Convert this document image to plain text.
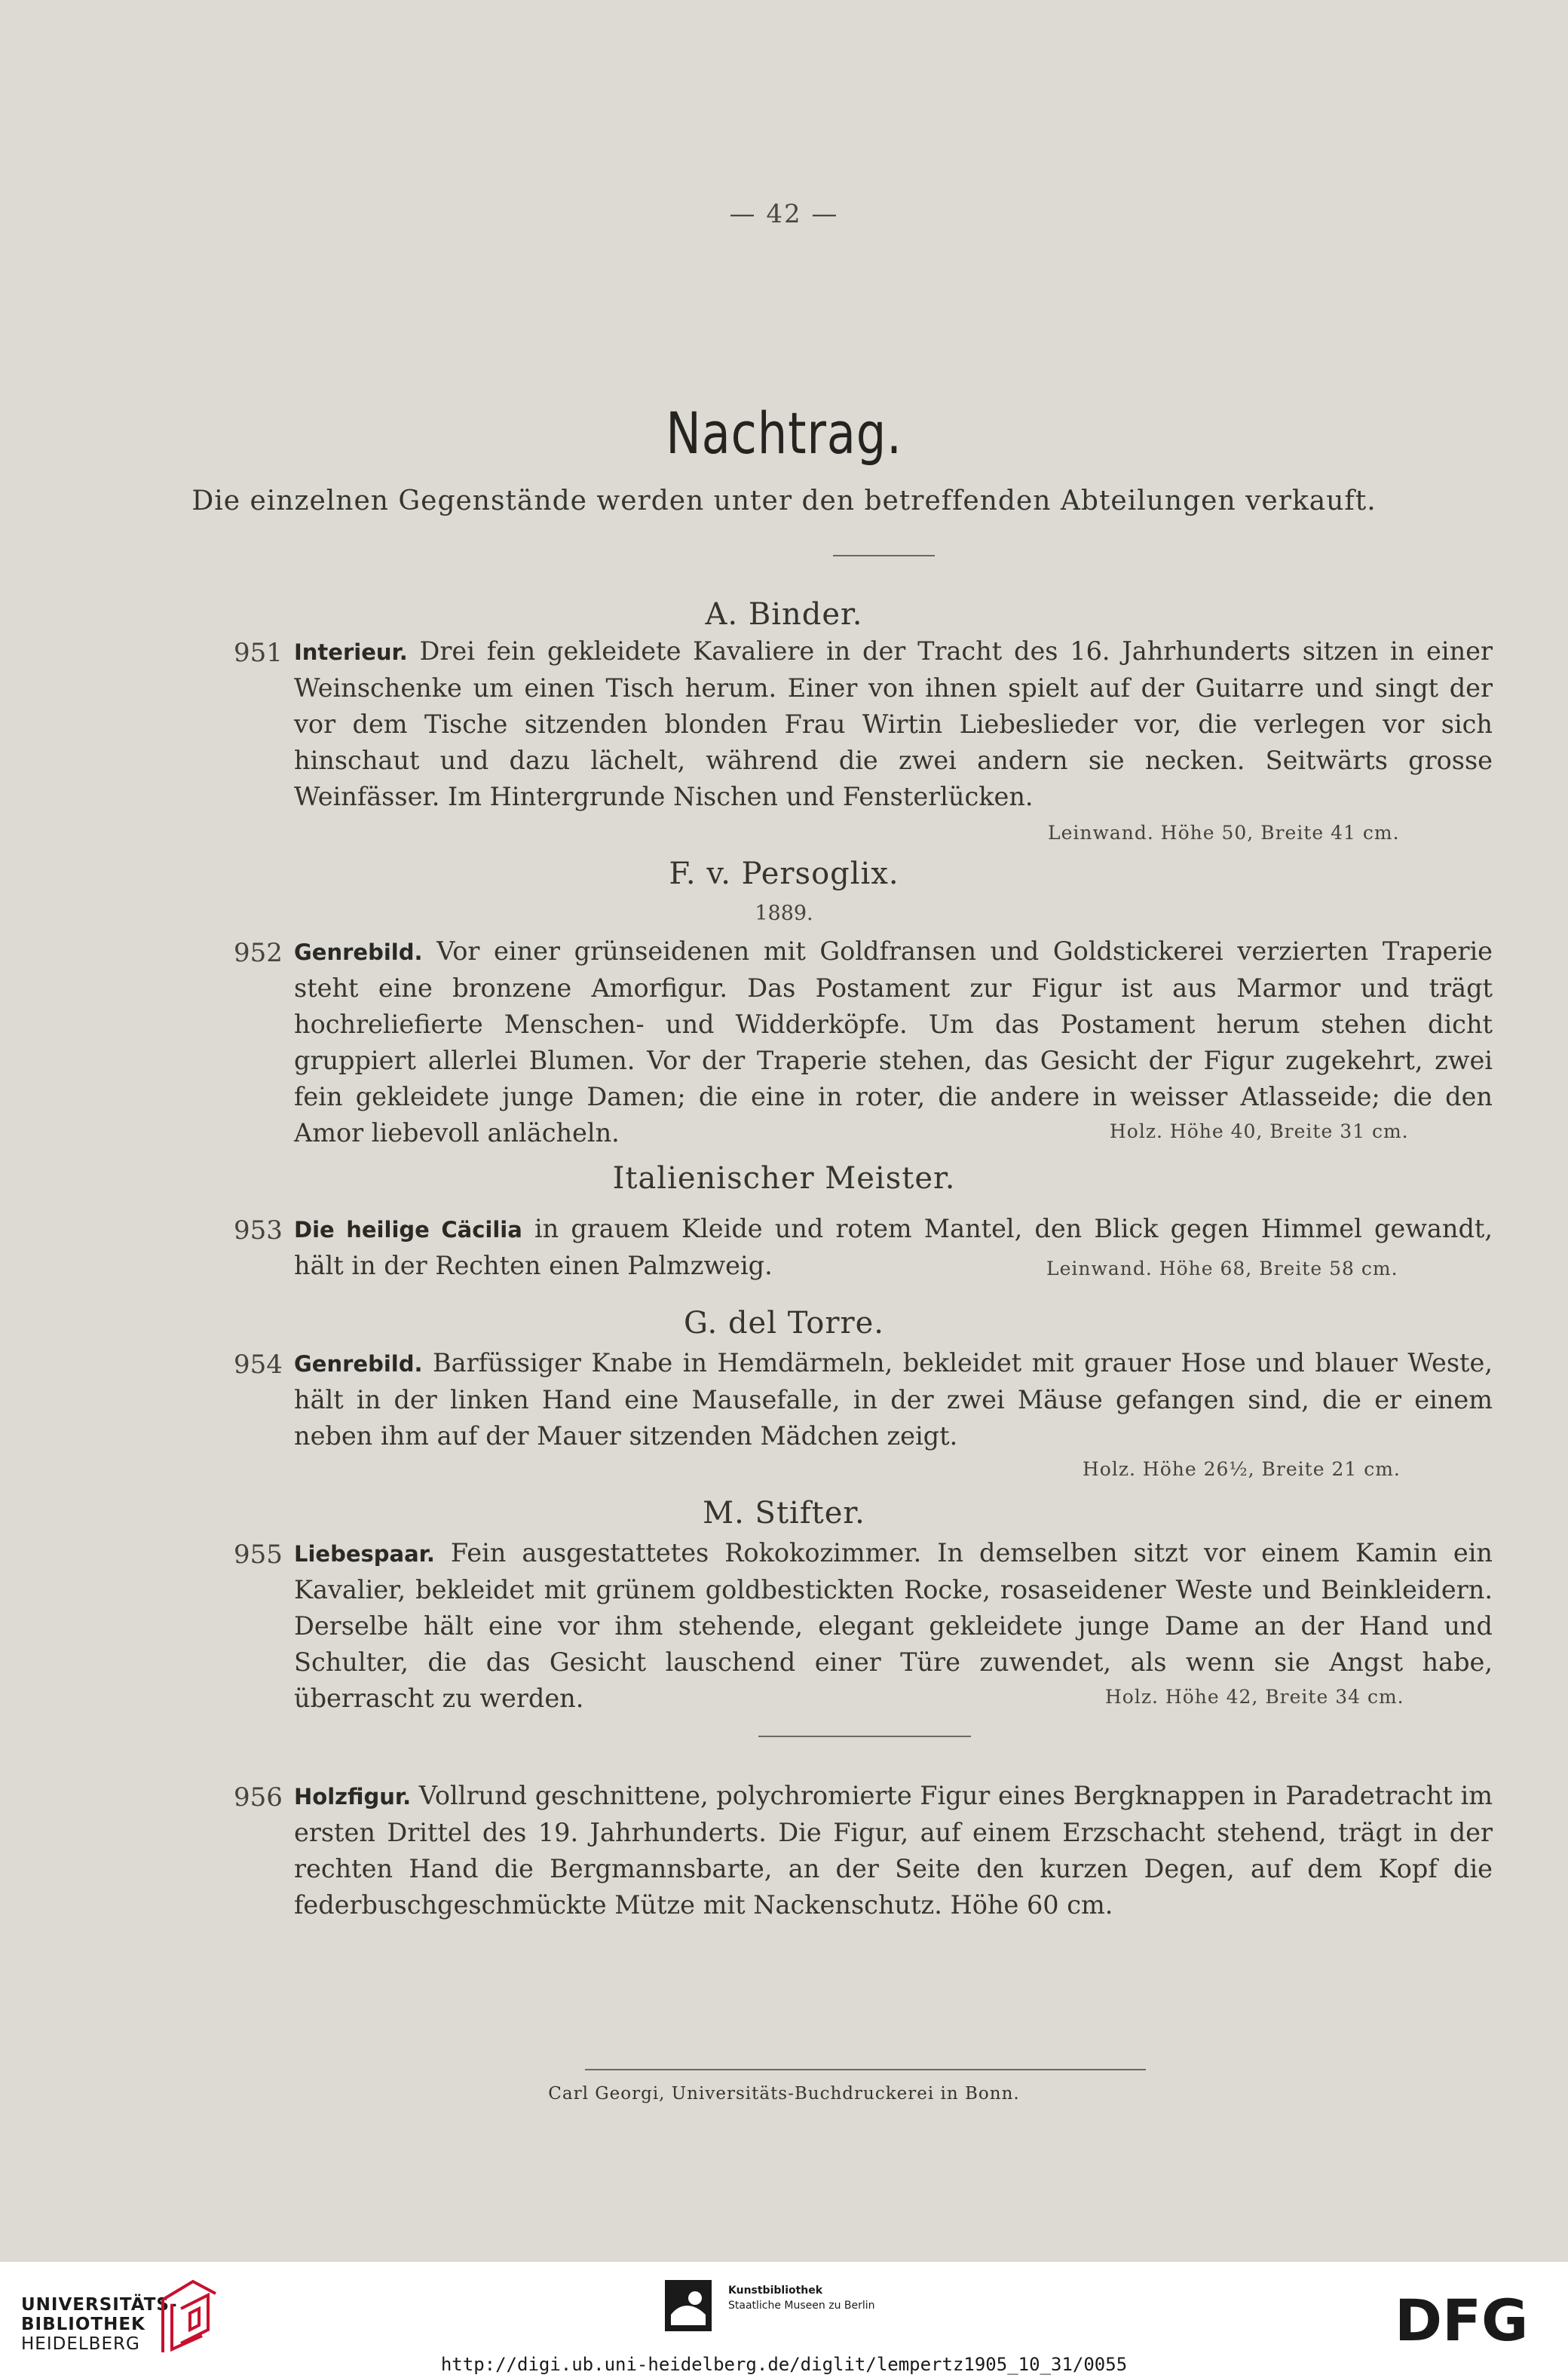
— 42 —
Nachtrag.
Die einzelnen Gegenstände werden unter den betreffenden Abteilungen verkauft.
A. Binder.
951 Interieur. Drei fein gekleidete Kavaliere in der Tracht des 16. Jahrhunderts sitzen in einer Weinschenke um einen Tisch herum. Einer von ihnen spielt auf der Guitarre und singt der vor dem Tische sitzenden blonden Frau Wirtin Liebeslieder vor, die verlegen vor sich hinschaut und dazu lächelt, während die zwei andern sie necken. Seitwärts grosse Weinfässer. Im Hintergrunde Nischen und Fensterlücken.
Leinwand. Höhe 50, Breite 41 cm.
F. v. Persoglix.
1889.
952 Genrebild. Vor einer grünseidenen mit Goldfransen und Goldstickerei verzierten Traperie steht eine bronzene Amorfigur. Das Postament zur Figur ist aus Marmor und trägt hochreliefierte Menschen- und Widderköpfe. Um das Postament herum stehen dicht gruppiert allerlei Blumen. Vor der Traperie stehen, das Gesicht der Figur zugekehrt, zwei fein gekleidete junge Damen; die eine in roter, die andere in weisser Atlasseide; die den Amor liebevoll anlächeln.	Holz. Höhe 40, Breite 31 cm.
Italienischer Meister.
953 Die heilige Cäcilia in grauem Kleide und rotem Mantel, den Blick gegen Himmel gewandt, hält in der Rechten einen Palmzweig.	Leinwand. Höhe 68, Breite 58 cm.
G. del Torre.
954 Genrebild. Barfüssiger Knabe in Hemdärmeln, bekleidet mit grauer Hose und blauer Weste, hält in der linken Hand eine Mausefalle, in der zwei Mäuse gefangen sind, die er einem neben ihm auf der Mauer sitzenden Mädchen zeigt.
Holz. Höhe 26½, Breite 21 cm.
M. Stifter.
955 Liebespaar. Fein ausgestattetes Rokokozimmer. In demselben sitzt vor einem Kamin ein Kavalier, bekleidet mit grünem goldbestickten Rocke, rosaseidener Weste und Beinkleidern. Derselbe hält eine vor ihm stehende, elegant gekleidete junge Dame an der Hand und Schulter, die das Gesicht lauschend einer Türe zuwendet, als wenn sie Angst habe, überrascht zu werden.	Holz. Höhe 42, Breite 34 cm.
956 Holzfigur. Vollrund geschnittene, polychromierte Figur eines Bergknappen in Paradetracht im ersten Drittel des 19. Jahrhunderts. Die Figur, auf einem Erzschacht stehend, trägt in der rechten Hand die Bergmannsbarte, an der Seite den kurzen Degen, auf dem Kopf die federbuschgeschmückte Mütze mit Nackenschutz. Höhe 60 cm.
Carl Georgi, Universitäts-Buchdruckerei in Bonn.
UNIVERSITÄTS-
BIBLIOTHEK
HEIDELBERG
Kunstbibliothek
Staatliche Museen zu Berlin	DFG
http://digi.ub.uni-heidelberg.de/diglit/lempertz1905_10_31/0055
